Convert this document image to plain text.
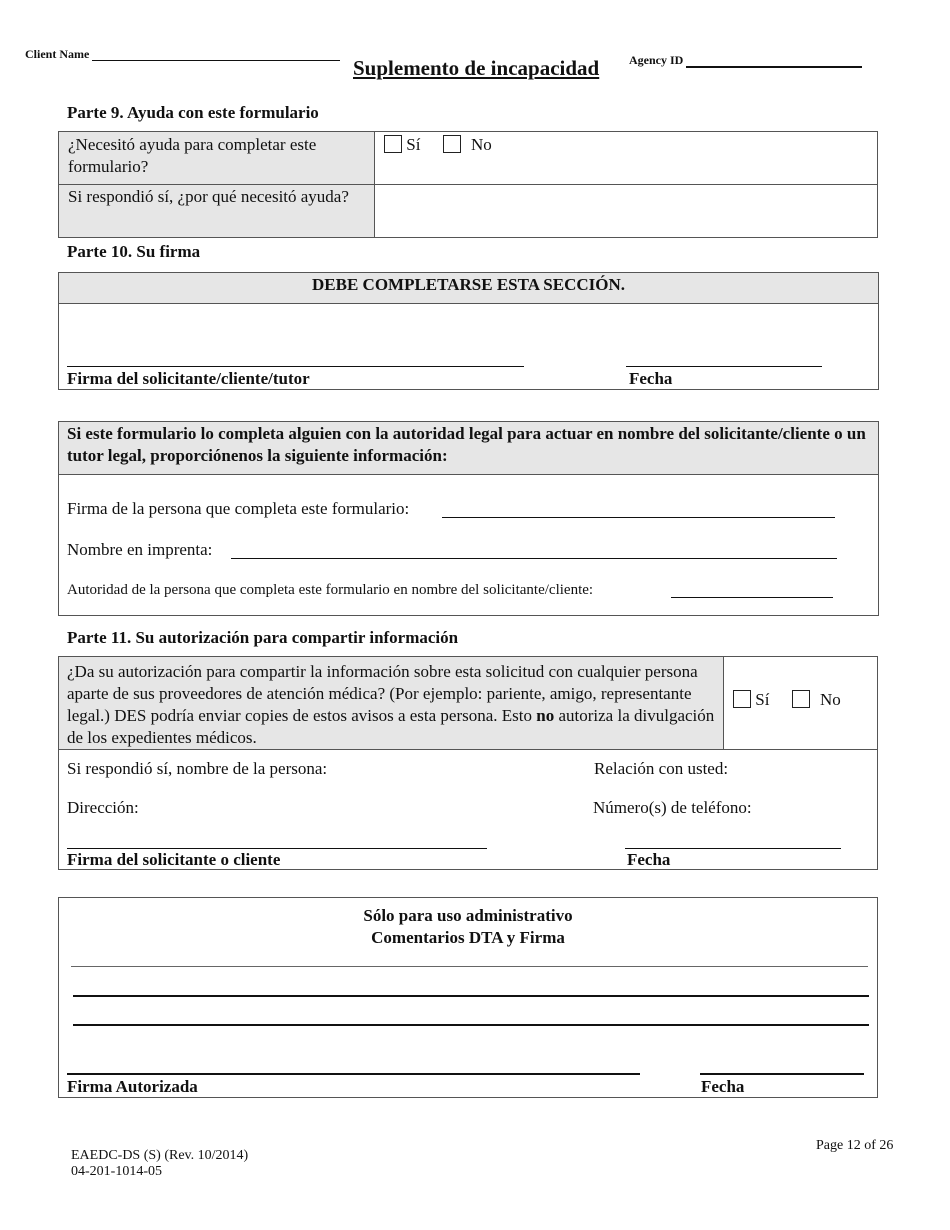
Client Name
Suplemento de incapacidad Agency ID
Parte 9. Ayuda con este formulario
¿Necesitó ayuda para completar este formulario?
Sí	No
Si respondió sí, ¿por qué necesitó ayuda?
Parte 10. Su firma
DEBE COMPLETARSE ESTA SECCIÓN.
Firma del solicitante/cliente/tutor	Fecha
Si este formulario lo completa alguien con la autoridad legal para actuar en nombre del solicitante/cliente o un tutor legal, proporciónenos la siguiente información:
Firma de la persona que completa este formulario:
Nombre en imprenta:
Autoridad de la persona que completa este formulario en nombre del solicitante/cliente:
Parte 11. Su autorización para compartir información
¿Da su autorización para compartir la información sobre esta solicitud con cualquier persona aparte de sus proveedores de atención médica? (Por ejemplo: pariente, amigo, representante legal.) DES podría enviar copies de estos avisos a esta persona. Esto no autoriza la divulgación de los expedientes médicos.
Sí	No
Si respondió sí, nombre de la persona:	Relación con usted:
Dirección:	Número(s) de teléfono:
Firma del solicitante o cliente	Fecha
Sólo para uso administrativo
Comentarios DTA y Firma
Firma Autorizada	Fecha
EAEDC-DS (S) (Rev. 10/2014)
04-201-1014-05
Page 12 of 26
